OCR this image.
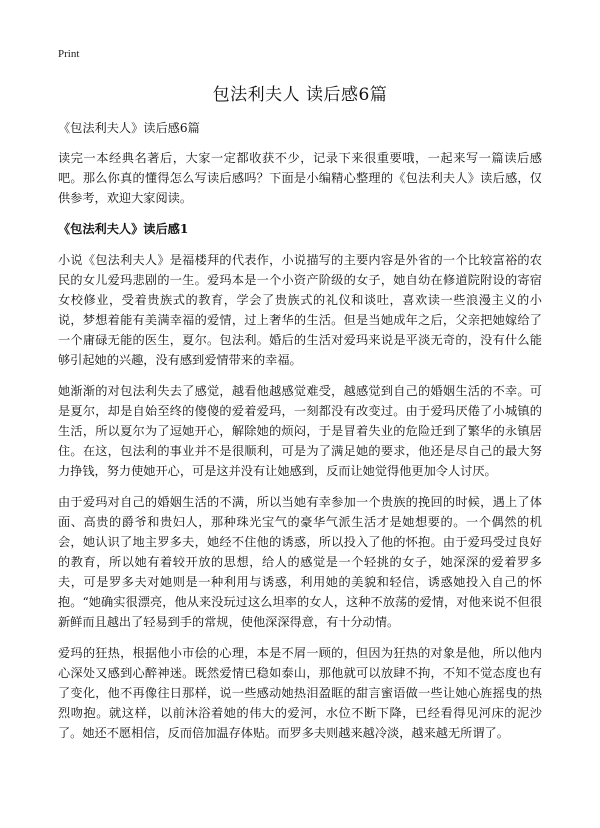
Print
包法利夫人 读后感6篇

《包法利夫人》读后感6篇

读完一本经典名著后，大家一定都收获不少，记录下来很重要哦，一起来写一篇读后感吧。那么你真的懂得怎么写读后感吗？下面是小编精心整理的《包法利夫人》读后感，仅供参考，欢迎大家阅读。

《包法利夫人》读后感1

小说《包法利夫人》是福楼拜的代表作，小说描写的主要内容是外省的一个比较富裕的农民的女儿爱玛悲剧的一生。爱玛本是一个小资产阶级的女子，她自幼在修道院附设的寄宿女校修业，受着贵族式的教育，学会了贵族式的礼仪和谈吐，喜欢读一些浪漫主义的小说，梦想着能有美满幸福的爱情，过上奢华的生活。但是当她成年之后，父亲把她嫁给了一个庸碌无能的医生，夏尔。包法利。婚后的生活对爱玛来说是平淡无奇的，没有什么能够引起她的兴趣，没有感到爱情带来的幸福。

她渐渐的对包法利失去了感觉，越看他越感觉难受，越感觉到自己的婚姻生活的不幸。可是夏尔，却是自始至终的傻傻的爱着爱玛，一刻都没有改变过。由于爱玛厌倦了小城镇的生活，所以夏尔为了逗她开心，解除她的烦闷，于是冒着失业的危险迁到了繁华的永镇居住。在这，包法利的事业并不是很顺利，可是为了满足她的要求，他还是尽自己的最大努力挣钱，努力使她开心，可是这并没有让她感到，反而让她觉得他更加令人讨厌。

由于爱玛对自己的婚姻生活的不满，所以当她有幸参加一个贵族的挽回的时候，遇上了体面、高贵的爵爷和贵妇人，那种珠光宝气的豪华气派生活才是她想要的。一个偶然的机会，她认识了地主罗多夫，她经不住他的诱惑，所以投入了他的怀抱。由于爱玛受过良好的教育，所以她有着较开放的思想，给人的感觉是一个轻挑的女子，她深深的爱着罗多夫，可是罗多夫对她则是一种利用与诱惑，利用她的美貌和轻信，诱惑她投入自己的怀抱。“她确实很漂亮，他从来没玩过这么坦率的女人，这种不放荡的爱情，对他来说不但很新鲜而且越出了轻易到手的常规，使他深深得意，有十分动情。

爱玛的狂热，根据他小市侩的心理，本是不屑一顾的，但因为狂热的对象是他，所以他内心深处又感到心醉神迷。既然爱情已稳如泰山，那他就可以放肆不拘，不知不觉态度也有了变化，他不再像往日那样，说一些感动她热泪盈眶的甜言蜜语做一些让她心旌摇曳的热烈吻抱。就这样，以前沐浴着她的伟大的爱河，水位不断下降，已经看得见河床的泥沙了。她还不愿相信，反而倍加温存体贴。而罗多夫则越来越冷淡，越来越无所谓了。
